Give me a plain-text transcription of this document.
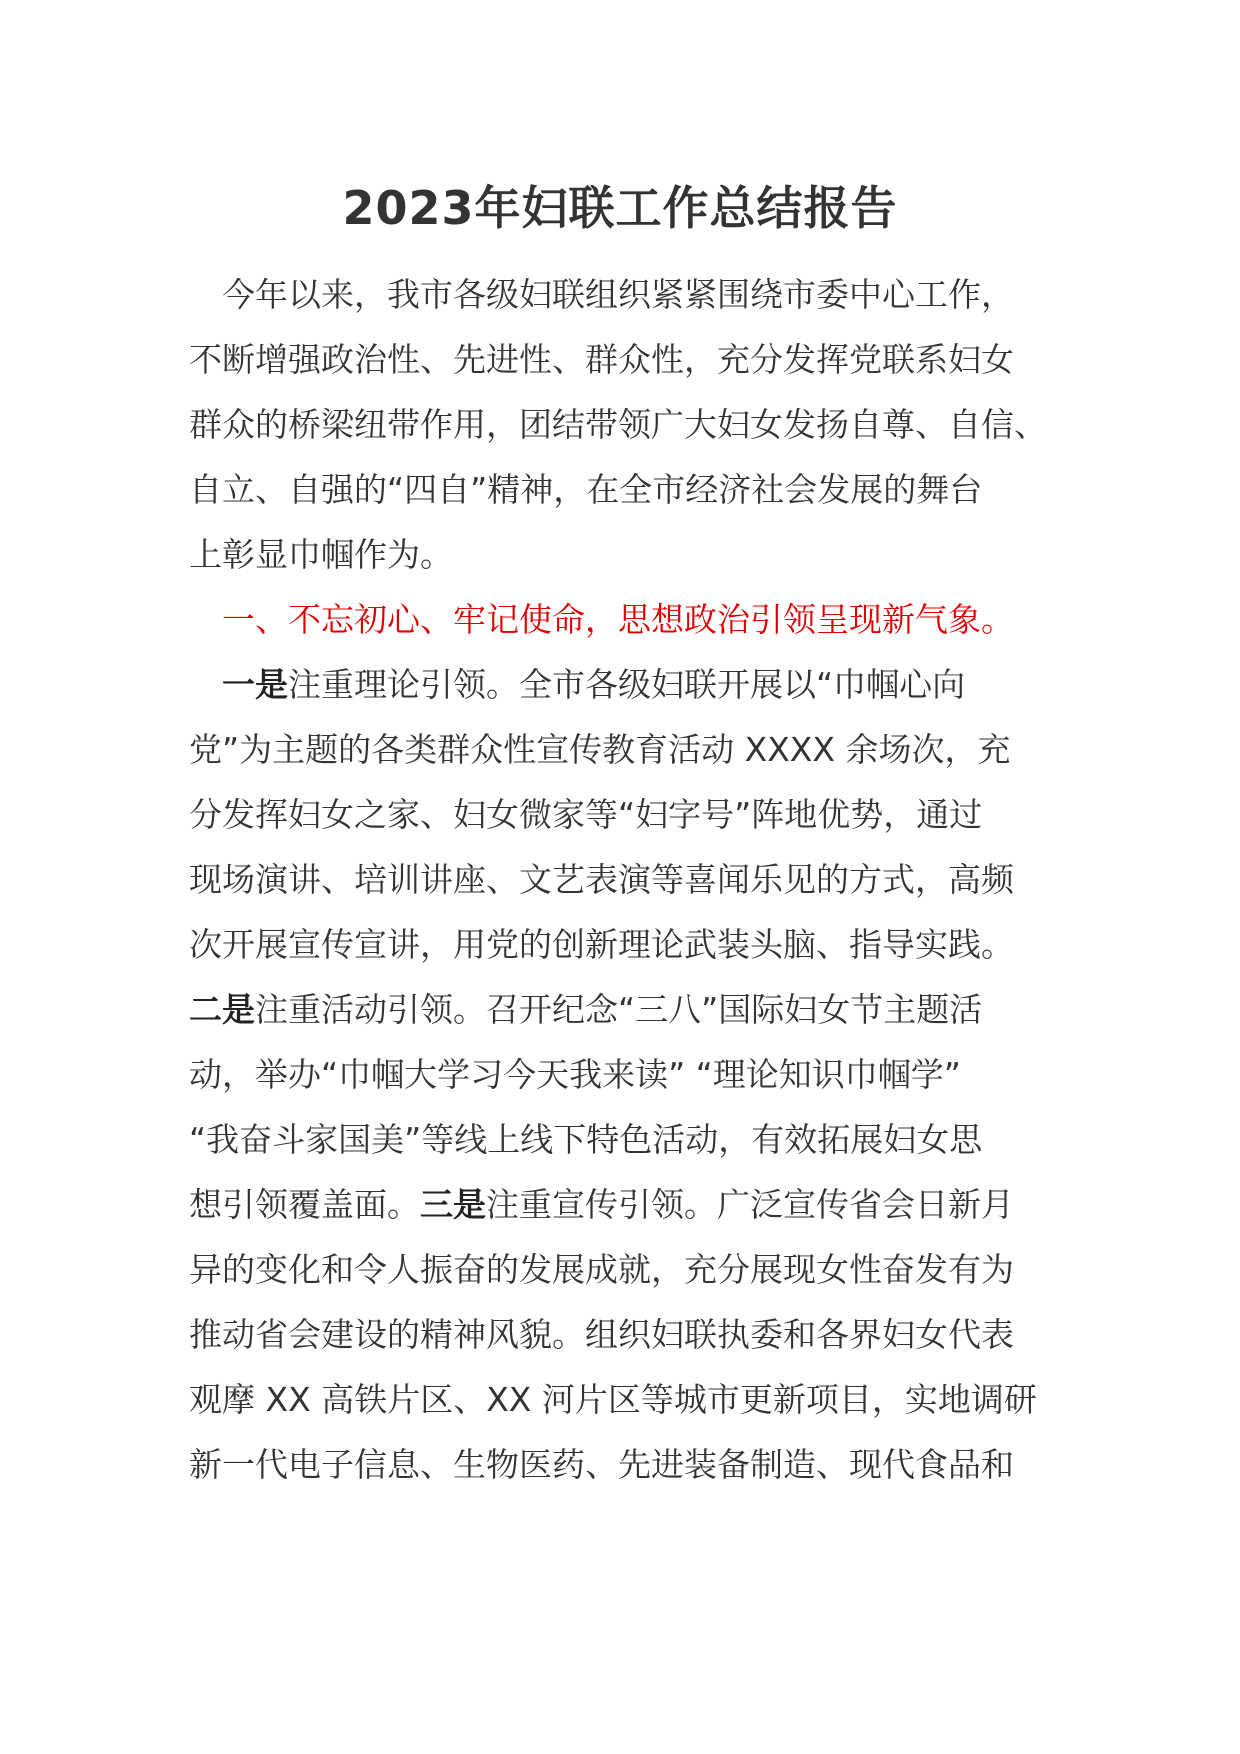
2023年妇联工作总结报告
今年以来，我市各级妇联组织紧紧围绕市委中心工作，
不断增强政治性、先进性、群众性，充分发挥党联系妇女
群众的桥梁纽带作用，团结带领广大妇女发扬自尊、自信、
自立、自强的“四自”精神，在全市经济社会发展的舞台
上彰显巾帼作为。
一、不忘初心、牢记使命，思想政治引领呈现新气象。
一是注重理论引领。全市各级妇联开展以“巾帼心向
党”为主题的各类群众性宣传教育活动 XXXX 余场次，充
分发挥妇女之家、妇女微家等“妇字号”阵地优势，通过
现场演讲、培训讲座、文艺表演等喜闻乐见的方式，高频
次开展宣传宣讲，用党的创新理论武装头脑、指导实践。
二是注重活动引领。召开纪念“三八”国际妇女节主题活
动，举办“巾帼大学习今天我来读” “理论知识巾帼学”
“我奋斗家国美”等线上线下特色活动，有效拓展妇女思
想引领覆盖面。三是注重宣传引领。广泛宣传省会日新月
异的变化和令人振奋的发展成就，充分展现女性奋发有为
推动省会建设的精神风貌。组织妇联执委和各界妇女代表
观摩 XX 高铁片区、XX 河片区等城市更新项目，实地调研
新一代电子信息、生物医药、先进装备制造、现代食品和
